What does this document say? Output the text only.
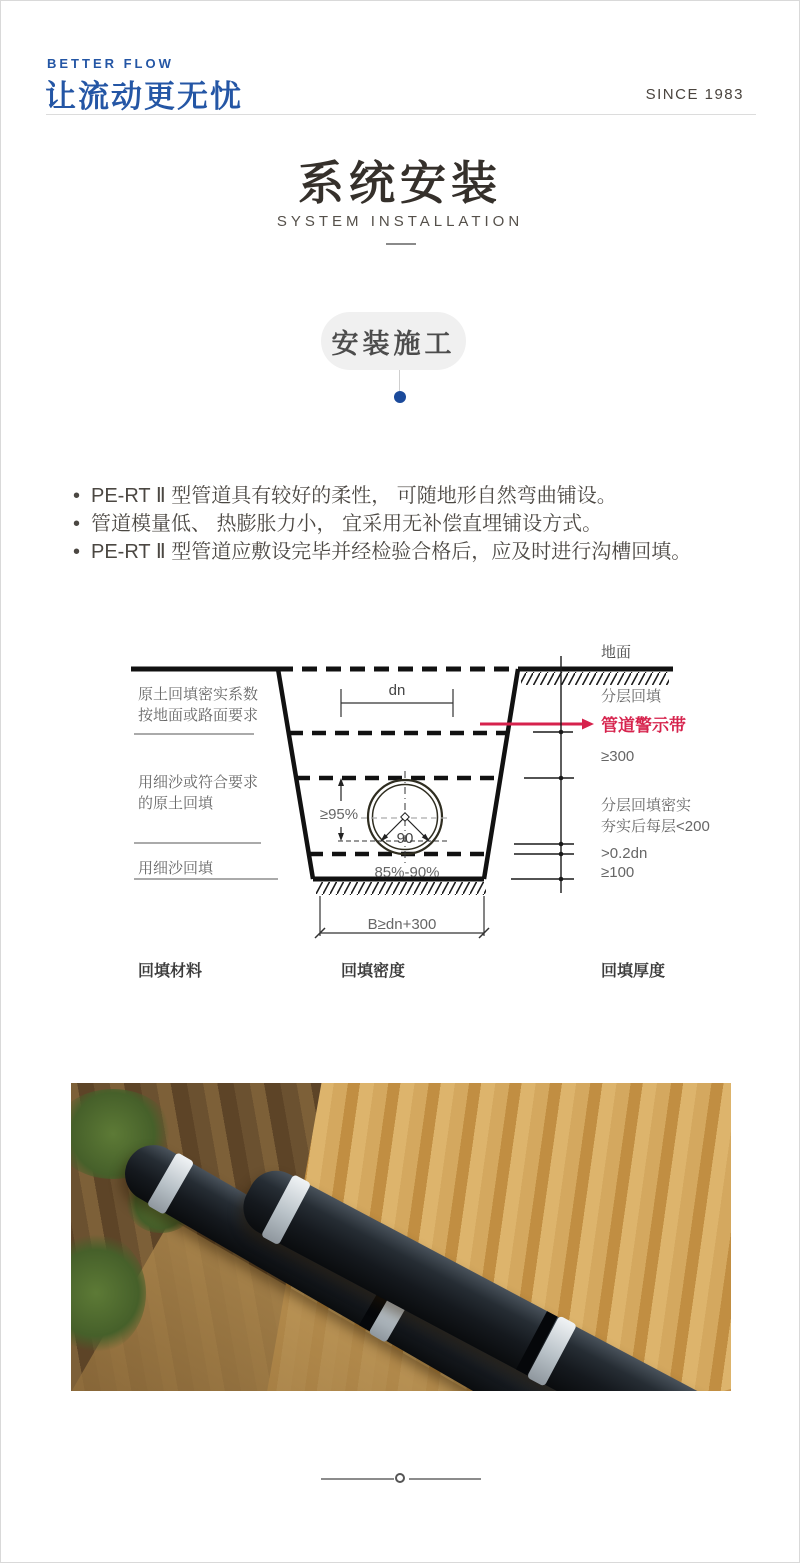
BETTER FLOW
让流动更无忧	SINCE 1983
系统安装
SYSTEM INSTALLATION
安装施工
• PE-RT Ⅱ 型管道具有较好的柔性， 可随地形自然弯曲铺设。
• 管道模量低、 热膨胀力小， 宜采用无补偿直埋铺设方式。
• PE-RT Ⅱ 型管道应敷设完毕并经检验合格后，应及时进行沟槽回填。
dn
≥95%
90
85%-90%
B≥dn+300
原土回填密实系数
按地面或路面要求
用细沙或符合要求
的原土回填
用细沙回填
地面
分层回填
管道警示带
≥300
分层回填密实
夯实后每层<200
>0.2dn
≥100
回填材料	回填密度	回填厚度
